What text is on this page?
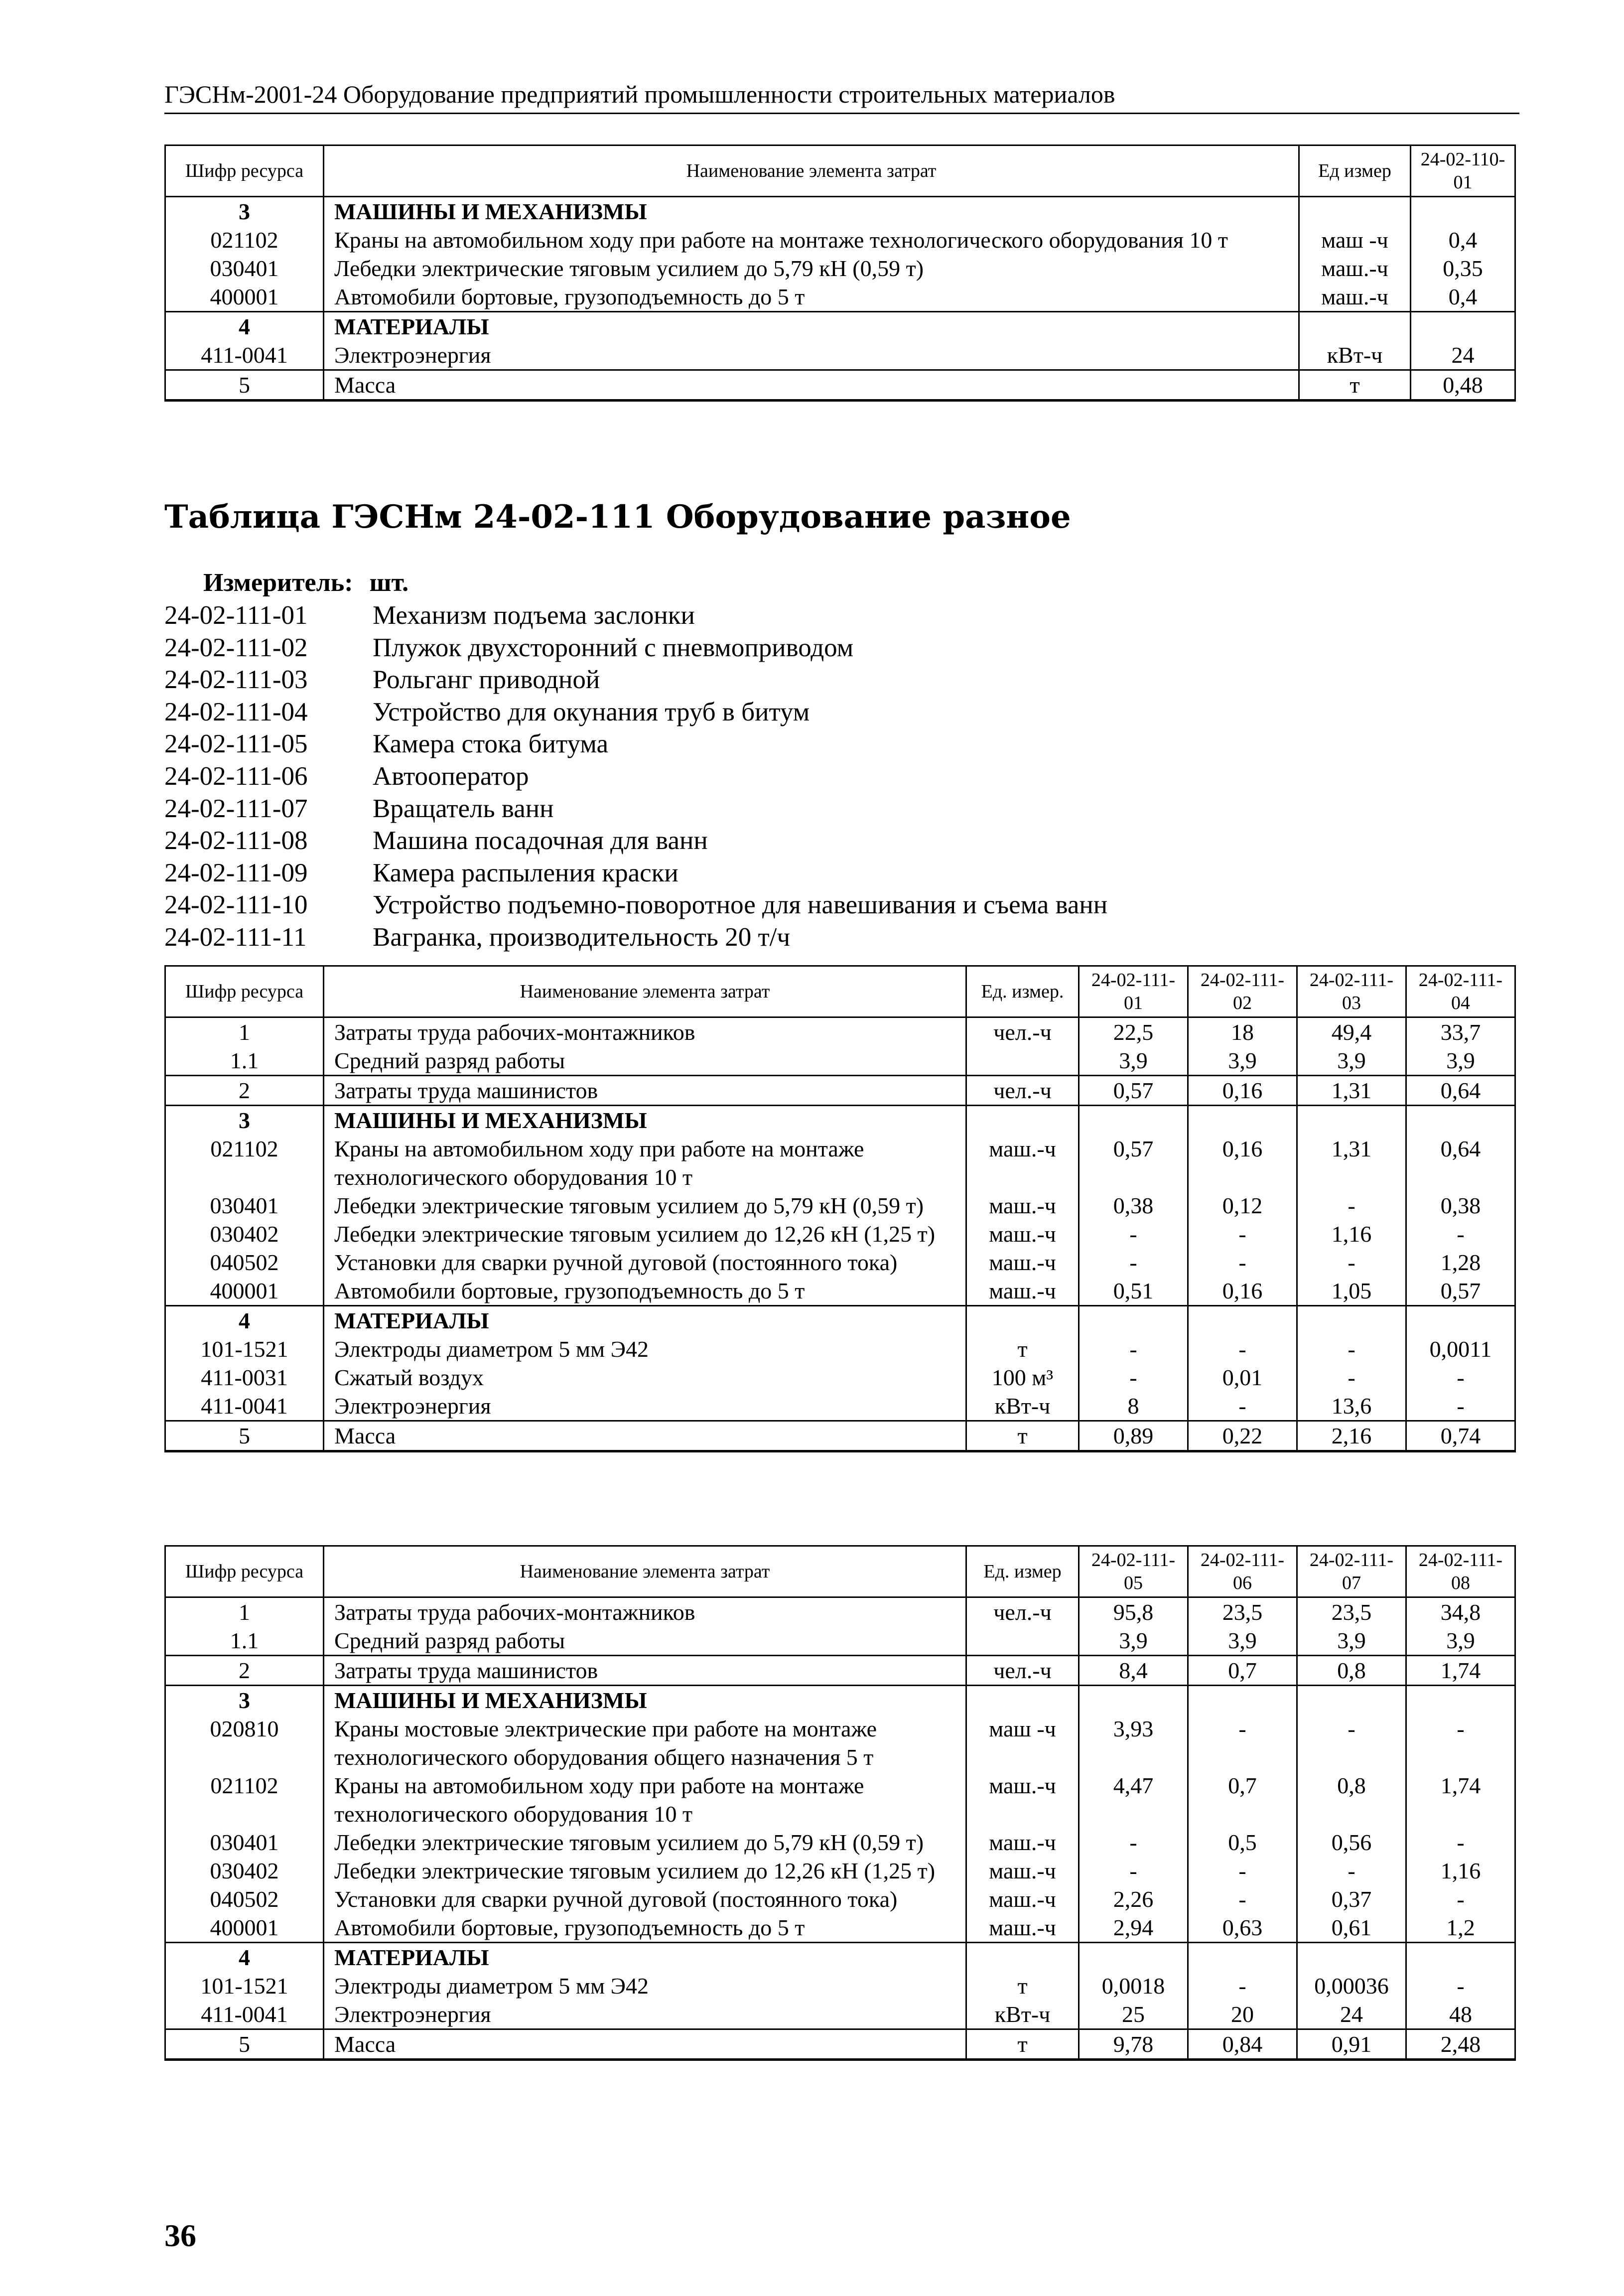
ГЭСНм-2001-24 Оборудование предприятий промышленности строительных материалов
Шифр ресурса	Наименование элемента затрат	Ед измер	24-02-110-01
3	МАШИНЫ И МЕХАНИЗМЫ		
021102	Краны на автомобильном ходу при работе на монтаже технологического оборудования 10 т	маш -ч	0,4
030401	Лебедки электрические тяговым усилием до 5,79 кН (0,59 т)	маш.-ч	0,35
400001	Автомобили бортовые, грузоподъемность до 5 т	маш.-ч	0,4
4	МАТЕРИАЛЫ		
411-0041	Электроэнергия	кВт-ч	24
5	Масса	т	0,48
Таблица ГЭСНм 24-02-111 Оборудование разное
Измеритель: шт.
24-02-111-01 Механизм подъема заслонки
24-02-111-02 Плужок двухсторонний с пневмоприводом
24-02-111-03 Рольганг приводной
24-02-111-04 Устройство для окунания труб в битум
24-02-111-05 Камера стока битума
24-02-111-06 Автооператор
24-02-111-07 Вращатель ванн
24-02-111-08 Машина посадочная для ванн
24-02-111-09 Камера распыления краски
24-02-111-10 Устройство подъемно-поворотное для навешивания и съема ванн
24-02-111-11 Вагранка, производительность 20 т/ч
Шифр ресурса	Наименование элемента затрат	Ед. измер.	24-02-111-01	24-02-111-02	24-02-111-03	24-02-111-04
1	Затраты труда рабочих-монтажников	чел.-ч	22,5	18	49,4	33,7
1.1	Средний разряд работы		3,9	3,9	3,9	3,9
2	Затраты труда машинистов	чел.-ч	0,57	0,16	1,31	0,64
3	МАШИНЫ И МЕХАНИЗМЫ					
021102	Краны на автомобильном ходу при работе на монтаже технологического оборудования 10 т	маш.-ч	0,57	0,16	1,31	0,64
030401	Лебедки электрические тяговым усилием до 5,79 кН (0,59 т)	маш.-ч	0,38	0,12	-	0,38
030402	Лебедки электрические тяговым усилием до 12,26 кН (1,25 т)	маш.-ч	-	-	1,16	-
040502	Установки для сварки ручной дуговой (постоянного тока)	маш.-ч	-	-	-	1,28
400001	Автомобили бортовые, грузоподъемность до 5 т	маш.-ч	0,51	0,16	1,05	0,57
4	МАТЕРИАЛЫ					
101-1521	Электроды диаметром 5 мм Э42	т	-	-	-	0,0011
411-0031	Сжатый воздух	100 м³	-	0,01	-	-
411-0041	Электроэнергия	кВт-ч	8	-	13,6	-
5	Масса	т	0,89	0,22	2,16	0,74
Шифр ресурса	Наименование элемента затрат	Ед. измер	24-02-111-05	24-02-111-06	24-02-111-07	24-02-111-08
1	Затраты труда рабочих-монтажников	чел.-ч	95,8	23,5	23,5	34,8
1.1	Средний разряд работы		3,9	3,9	3,9	3,9
2	Затраты труда машинистов	чел.-ч	8,4	0,7	0,8	1,74
3	МАШИНЫ И МЕХАНИЗМЫ					
020810	Краны мостовые электрические при работе на монтаже технологического оборудования общего назначения 5 т	маш -ч	3,93	-	-	-
021102	Краны на автомобильном ходу при работе на монтаже технологического оборудования 10 т	маш.-ч	4,47	0,7	0,8	1,74
030401	Лебедки электрические тяговым усилием до 5,79 кН (0,59 т)	маш.-ч	-	0,5	0,56	-
030402	Лебедки электрические тяговым усилием до 12,26 кН (1,25 т)	маш.-ч	-	-	-	1,16
040502	Установки для сварки ручной дуговой (постоянного тока)	маш.-ч	2,26	-	0,37	-
400001	Автомобили бортовые, грузоподъемность до 5 т	маш.-ч	2,94	0,63	0,61	1,2
4	МАТЕРИАЛЫ					
101-1521	Электроды диаметром 5 мм Э42	т	0,0018	-	0,00036	-
411-0041	Электроэнергия	кВт-ч	25	20	24	48
5	Масса	т	9,78	0,84	0,91	2,48
36
